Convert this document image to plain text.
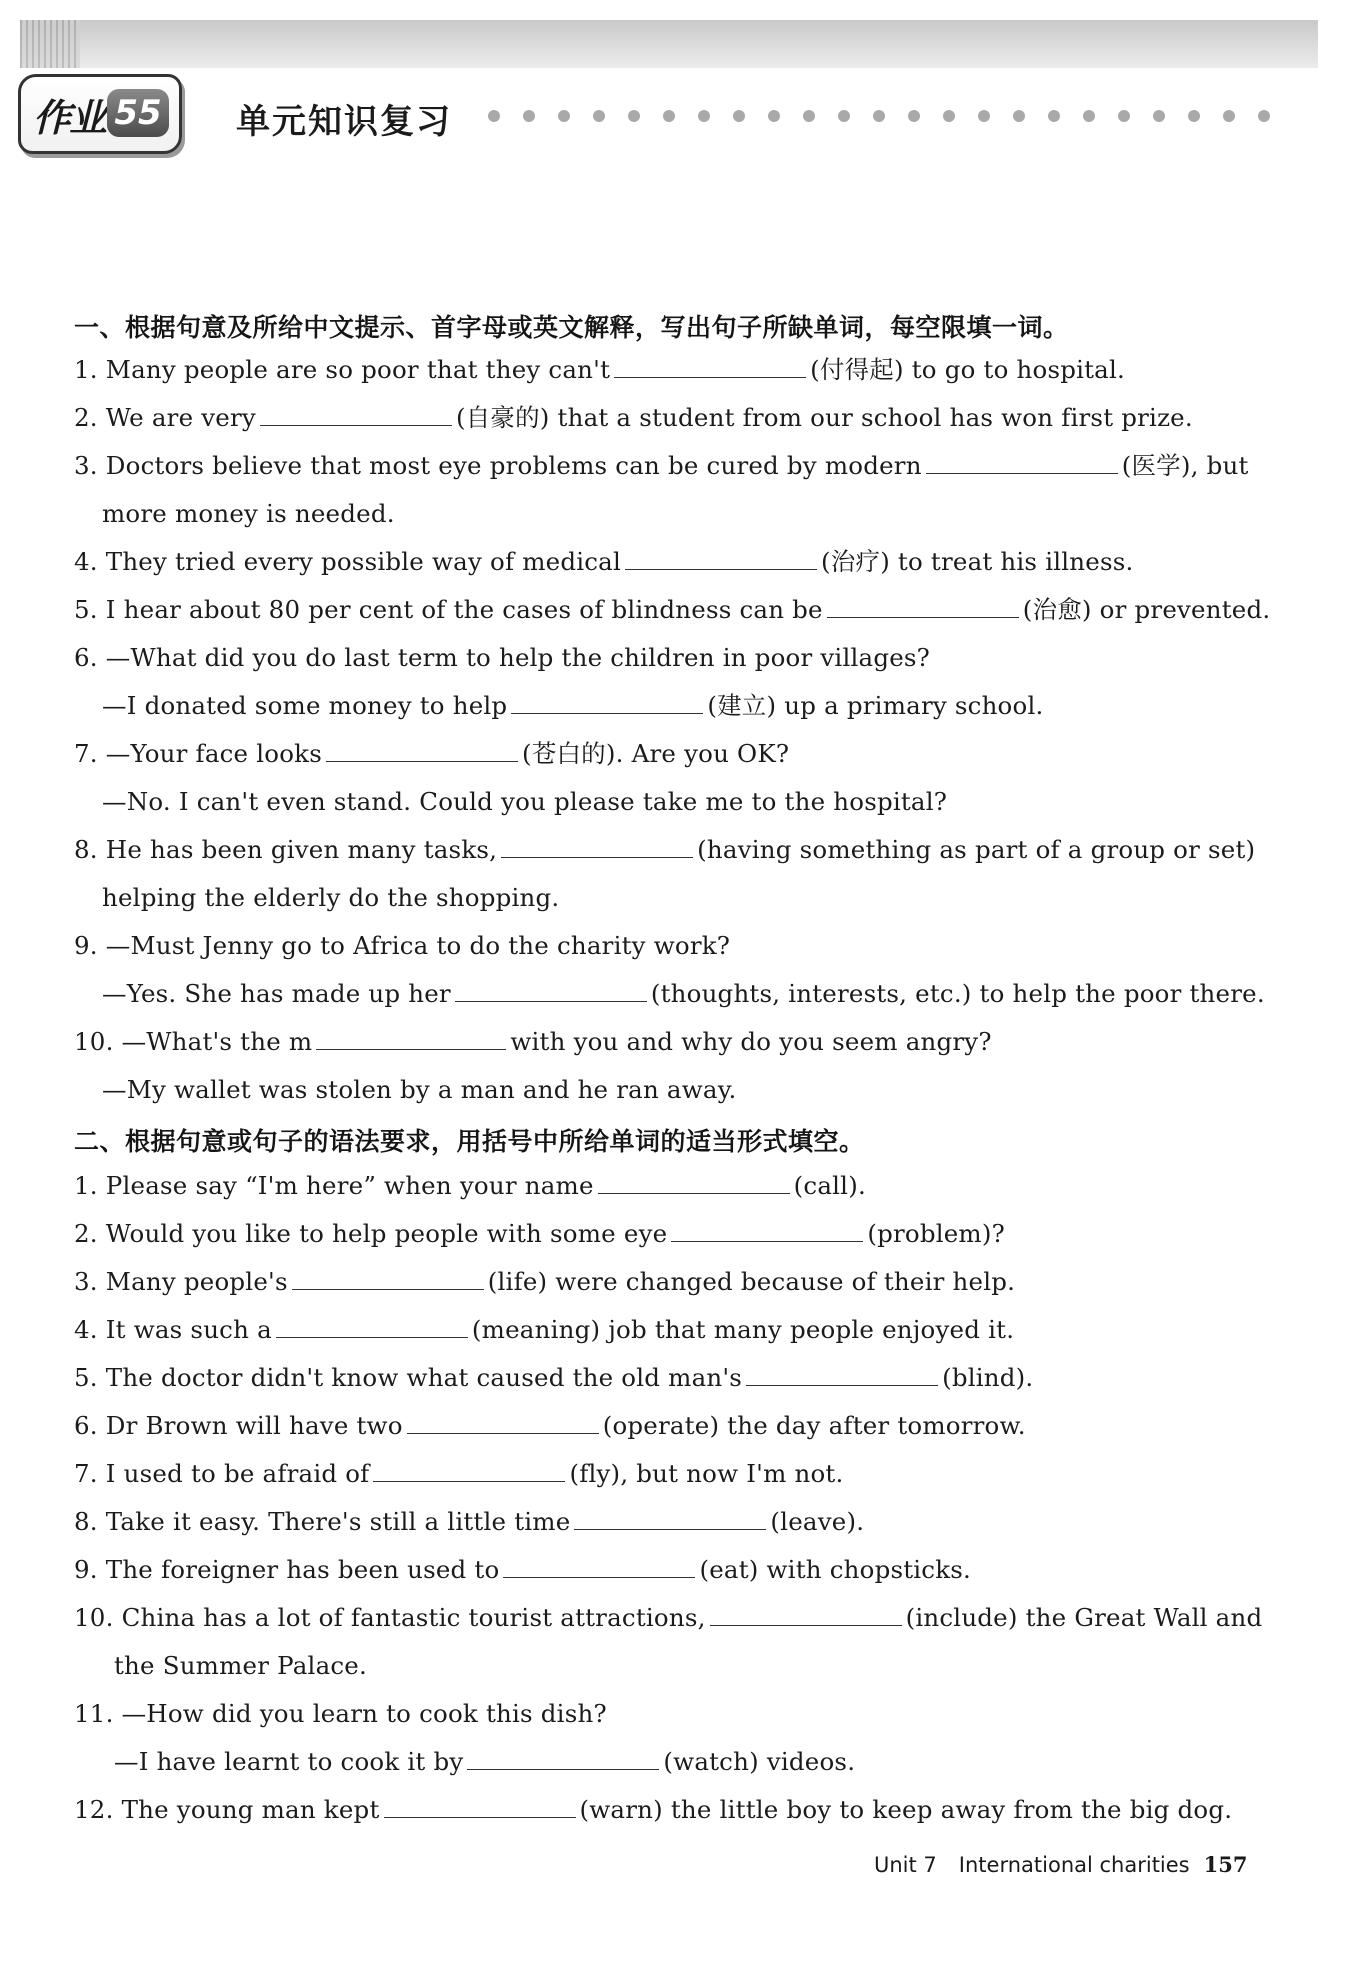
作业 55 单元知识复习
一、根据句意及所给中文提示、首字母或英文解释，写出句子所缺单词，每空限填一词。
1. Many people are so poor that they can't	(付得起) to go to hospital.
2. We are very	(自豪的) that a student from our school has won first prize.
3. Doctors believe that most eye problems can be cured by modern	(医学), but
more money is needed.
4. They tried every possible way of medical	(治疗) to treat his illness.
5. I hear about 80 per cent of the cases of blindness can be	(治愈) or prevented.
6. —What did you do last term to help the children in poor villages?
—I donated some money to help	(建立) up a primary school.
7. —Your face looks	(苍白的). Are you OK?
—No. I can't even stand. Could you please take me to the hospital?
8. He has been given many tasks,	(having something as part of a group or set)
helping the elderly do the shopping.
9. —Must Jenny go to Africa to do the charity work?
—Yes. She has made up her	(thoughts, interests, etc.) to help the poor there.
10. —What's the m	with you and why do you seem angry?
—My wallet was stolen by a man and he ran away.
二、根据句意或句子的语法要求，用括号中所给单词的适当形式填空。
1. Please say “I'm here” when your name	(call).
2. Would you like to help people with some eye	(problem)?
3. Many people's	(life) were changed because of their help.
4. It was such a	(meaning) job that many people enjoyed it.
5. The doctor didn't know what caused the old man's	(blind).
6. Dr Brown will have two	(operate) the day after tomorrow.
7. I used to be afraid of	(fly), but now I'm not.
8. Take it easy. There's still a little time	(leave).
9. The foreigner has been used to	(eat) with chopsticks.
10. China has a lot of fantastic tourist attractions,	(include) the Great Wall and
the Summer Palace.
11. —How did you learn to cook this dish?
—I have learnt to cook it by	(watch) videos.
12. The young man kept	(warn) the little boy to keep away from the big dog.
Unit 7 International charities 157
